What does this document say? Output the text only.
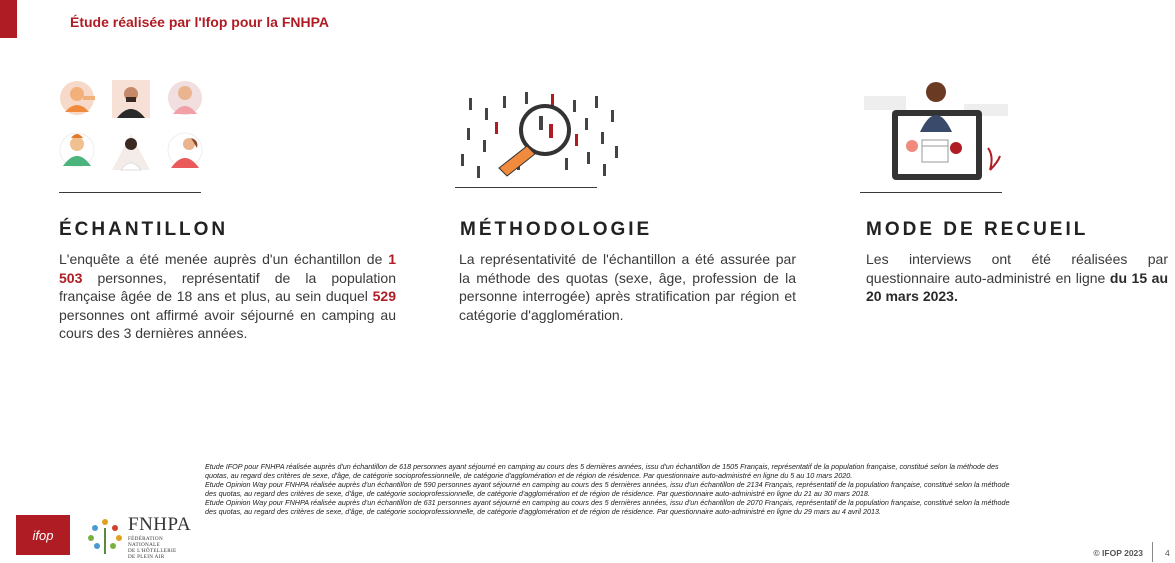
Étude réalisée par l'Ifop pour la FNHPA
ÉCHANTILLON
L'enquête a été menée auprès d'un échantillon de 1 503 personnes, représentatif de la population française âgée de 18 ans et plus, au sein duquel 529 personnes ont affirmé avoir séjourné en camping au cours des 3 dernières années.
MÉTHODOLOGIE
La représentativité de l'échantillon a été assurée par la méthode des quotas (sexe, âge, profession de la personne interrogée) après stratification par région et catégorie d'agglomération.
MODE DE RECUEIL
Les interviews ont été réalisées par questionnaire auto-administré en ligne du 15 au 20 mars 2023.

Etude IFOP pour FNHPA réalisée auprès d'un échantillon de 618 personnes ayant séjourné en camping au cours des 5 dernières années, issu d'un échantillon de 1505 Français, représentatif de la population française, constitué selon la méthode des quotas, au regard des critères de sexe, d'âge, de catégorie socioprofessionnelle, de catégorie d'agglomération et de région de résidence. Par questionnaire auto-administré en ligne du 5 au 10 mars 2020.

Etude Opinion Way pour FNHPA réalisée auprès d'un échantillon de 590 personnes ayant séjourné en camping au cours des 5 dernières années, issu d'un échantillon de 2134 Français, représentatif de la population française, constitué selon la méthode des quotas, au regard des critères de sexe, d'âge, de catégorie socioprofessionnelle, de catégorie d'agglomération et de région de résidence. Par questionnaire auto-administré en ligne du 21 au 30 mars 2018.

Etude Opinion Way pour FNHPA réalisée auprès d'un échantillon de 631 personnes ayant séjourné en camping au cours des 5 dernières années, issu d'un échantillon de 2070 Français, représentatif de la population française, constitué selon la méthode des quotas, au regard des critères de sexe, d'âge, de catégorie socioprofessionnelle, de catégorie d'agglomération et de région de résidence. Par questionnaire auto-administré en ligne du 29 mars au 4 avril 2013.

ifop	FNHPA
FÉDÉRATION NATIONALE
DE L'HÔTELLERIE
DE PLEIN AIR	© IFOP 2023	4
